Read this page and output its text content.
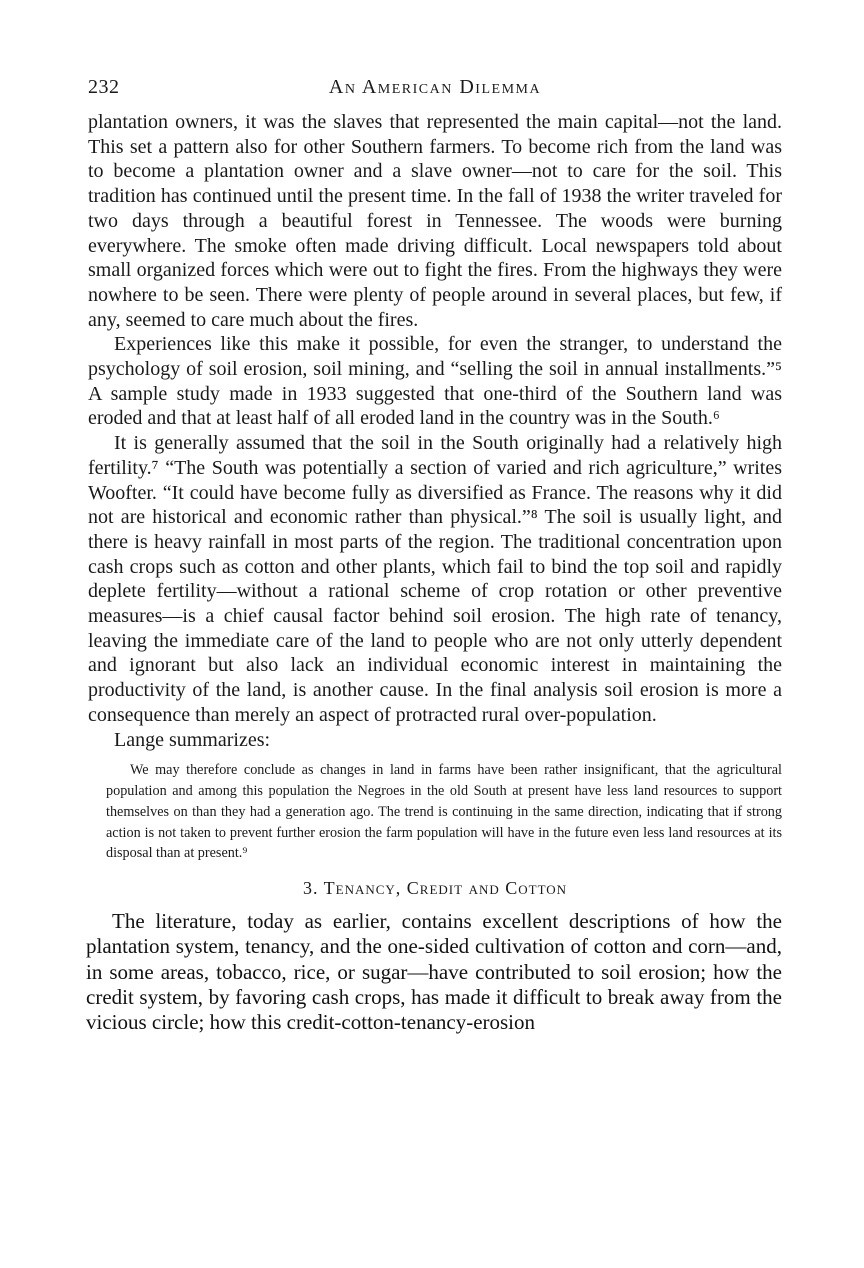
232	An American Dilemma

plantation owners, it was the slaves that represented the main capital—not the land. This set a pattern also for other Southern farmers. To become rich from the land was to become a plantation owner and a slave owner—not to care for the soil. This tradition has continued until the present time. In the fall of 1938 the writer traveled for two days through a beautiful forest in Tennessee. The woods were burning everywhere. The smoke often made driving difficult. Local newspapers told about small organized forces which were out to fight the fires. From the highways they were nowhere to be seen. There were plenty of people around in several places, but few, if any, seemed to care much about the fires.

Experiences like this make it possible, for even the stranger, to understand the psychology of soil erosion, soil mining, and “selling the soil in annual installments.”⁵ A sample study made in 1933 suggested that one-third of the Southern land was eroded and that at least half of all eroded land in the country was in the South.⁶

It is generally assumed that the soil in the South originally had a relatively high fertility.⁷ “The South was potentially a section of varied and rich agriculture,” writes Woofter. “It could have become fully as diversified as France. The reasons why it did not are historical and economic rather than physical.”⁸ The soil is usually light, and there is heavy rainfall in most parts of the region. The traditional concentration upon cash crops such as cotton and other plants, which fail to bind the top soil and rapidly deplete fertility—without a rational scheme of crop rotation or other preventive measures—is a chief causal factor behind soil erosion. The high rate of tenancy, leaving the immediate care of the land to people who are not only utterly dependent and ignorant but also lack an individual economic interest in maintaining the productivity of the land, is another cause. In the final analysis soil erosion is more a consequence than merely an aspect of protracted rural over-population.

Lange summarizes:

We may therefore conclude as changes in land in farms have been rather insignificant, that the agricultural population and among this population the Negroes in the old South at present have less land resources to support themselves on than they had a generation ago. The trend is continuing in the same direction, indicating that if strong action is not taken to prevent further erosion the farm population will have in the future even less land resources at its disposal than at present.⁹

3. Tenancy, Credit and Cotton

The literature, today as earlier, contains excellent descriptions of how the plantation system, tenancy, and the one-sided cultivation of cotton and corn—and, in some areas, tobacco, rice, or sugar—have contributed to soil erosion; how the credit system, by favoring cash crops, has made it difficult to break away from the vicious circle; how this credit-cotton-tenancy-erosion
